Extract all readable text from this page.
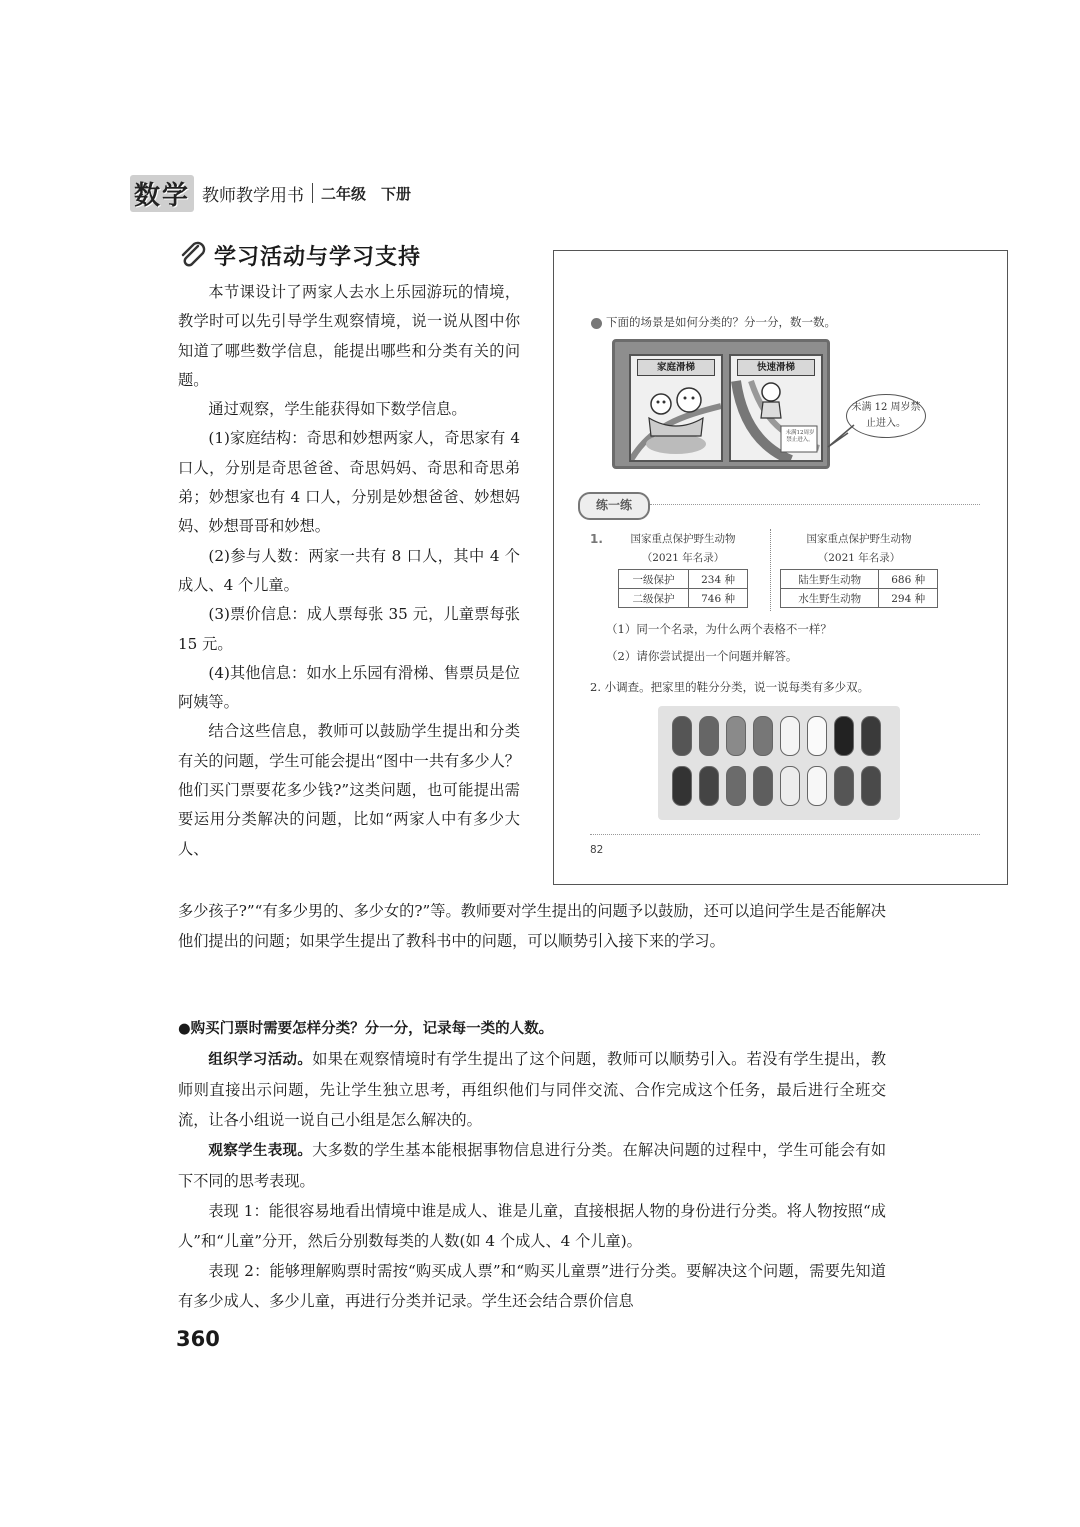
数学 教师教学用书 二年级　下册
学习活动与学习支持

本节课设计了两家人去水上乐园游玩的情境，教学时可以先引导学生观察情境，说一说从图中你知道了哪些数学信息，能提出哪些和分类有关的问题。

通过观察，学生能获得如下数学信息。

(1)家庭结构：奇思和妙想两家人，奇思家有 4 口人，分别是奇思爸爸、奇思妈妈、奇思和奇思弟弟；妙想家也有 4 口人，分别是妙想爸爸、妙想妈妈、妙想哥哥和妙想。

(2)参与人数：两家一共有 8 口人，其中 4 个成人、4 个儿童。

(3)票价信息：成人票每张 35 元，儿童票每张 15 元。

(4)其他信息：如水上乐园有滑梯、售票员是位阿姨等。

结合这些信息，教师可以鼓励学生提出和分类有关的问题，学生可能会提出“图中一共有多少人？他们买门票要花多少钱?”这类问题，也可能提出需要运用分类解决的问题，比如“两家人中有多少大人、

多少孩子?”“有多少男的、多少女的?”等。教师要对学生提出的问题予以鼓励，还可以追问学生是否能解决他们提出的问题；如果学生提出了教科书中的问题，可以顺势引入接下来的学习。

●购买门票时需要怎样分类？分一分，记录每一类的人数。

组织学习活动。如果在观察情境时有学生提出了这个问题，教师可以顺势引入。若没有学生提出，教师则直接出示问题，先让学生独立思考，再组织他们与同伴交流、合作完成这个任务，最后进行全班交流，让各小组说一说自己小组是怎么解决的。

观察学生表现。大多数的学生基本能根据事物信息进行分类。在解决问题的过程中，学生可能会有如下不同的思考表现。

表现 1：能很容易地看出情境中谁是成人、谁是儿童，直接根据人物的身份进行分类。将人物按照“成人”和“儿童”分开，然后分别数每类的人数(如 4 个成人、4 个儿童)。

表现 2：能够理解购票时需按“购买成人票”和“购买儿童票”进行分类。要解决这个问题，需要先知道有多少成人、多少儿童，再进行分类并记录。学生还会结合票价信息

360
下面的场景是如何分类的？分一分，数一数。
家庭滑梯	快速滑梯
未满12周岁禁止进入。
未满 12 周岁禁止进入。
练一练
1.	国家重点保护野生动物
（2021 年名录）
一级保护	234 种
二级保护	746 种
国家重点保护野生动物
（2021 年名录）
陆生野生动物	686 种
水生野生动物	294 种
（1）同一个名录，为什么两个表格不一样？
（2）请你尝试提出一个问题并解答。
2. 小调查。把家里的鞋分分类，说一说每类有多少双。
82
